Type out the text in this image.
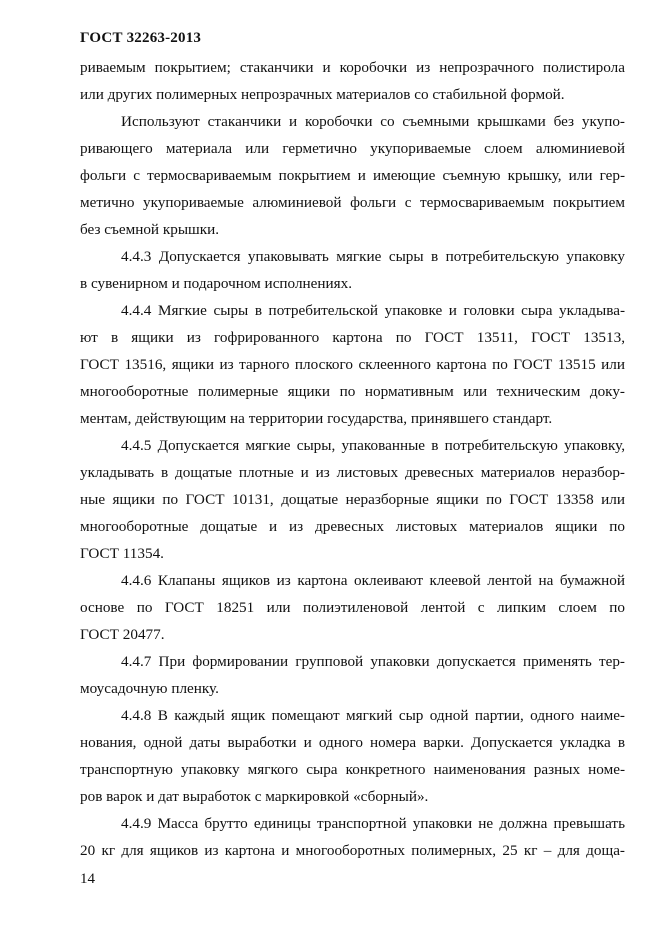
ГОСТ 32263-2013
риваемым покрытием; стаканчики и коробочки из непрозрачного полистирола
или других полимерных непрозрачных материалов со стабильной формой.
Используют стаканчики и коробочки со съемными крышками без укупо-
ривающего материала или герметично укупориваемые слоем алюминиевой
фольги с термосвариваемым покрытием и имеющие съемную крышку, или гер-
метично укупориваемые алюминиевой фольги с термосвариваемым покрытием
без съемной крышки.
4.4.3 Допускается упаковывать мягкие сыры в потребительскую упаковку
в сувенирном и подарочном исполнениях.
4.4.4 Мягкие сыры в потребительской упаковке и головки сыра укладыва-
ют в ящики из гофрированного картона по ГОСТ 13511, ГОСТ 13513,
ГОСТ 13516, ящики из тарного плоского склеенного картона по ГОСТ 13515 или
многооборотные полимерные ящики по нормативным или техническим доку-
ментам, действующим на территории государства, принявшего стандарт.
4.4.5 Допускается мягкие сыры, упакованные в потребительскую упаковку,
укладывать в дощатые плотные и из листовых древесных материалов неразбор-
ные ящики по ГОСТ 10131, дощатые неразборные ящики по ГОСТ 13358 или
многооборотные дощатые и из древесных листовых материалов ящики по
ГОСТ 11354.
4.4.6 Клапаны ящиков из картона оклеивают клеевой лентой на бумажной
основе по ГОСТ 18251 или полиэтиленовой лентой с липким слоем по
ГОСТ 20477.
4.4.7 При формировании групповой упаковки допускается применять тер-
моусадочную пленку.
4.4.8 В каждый ящик помещают мягкий сыр одной партии, одного наиме-
нования, одной даты выработки и одного номера варки. Допускается укладка в
транспортную упаковку мягкого сыра конкретного наименования разных номе-
ров варок и дат выработок с маркировкой «сборный».
4.4.9 Масса брутто единицы транспортной упаковки не должна превышать
20 кг для ящиков из картона и многооборотных полимерных, 25 кг – для доща-
14
